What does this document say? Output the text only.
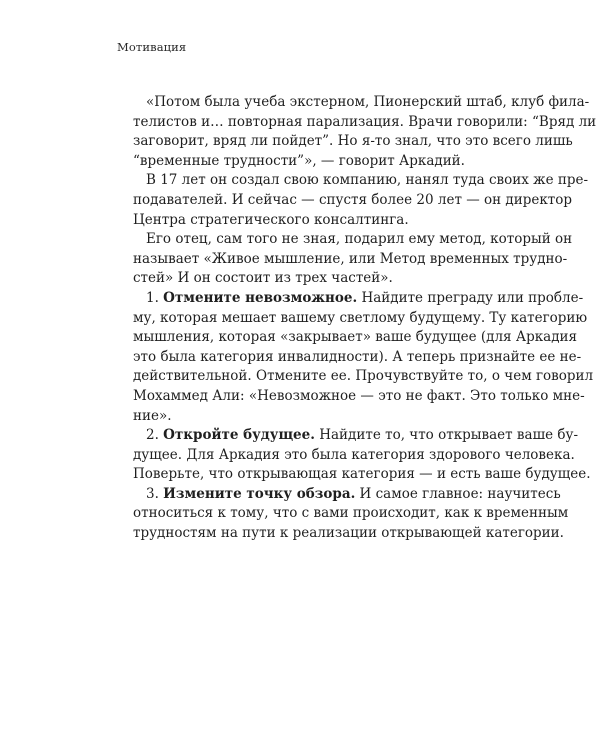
Мотивация
«Потом была учеба экстерном, Пионерский штаб, клуб фила-
телистов и… повторная парализация. Врачи говорили: “Вряд ли
заговорит, вряд ли пойдет”. Но я-то знал, что это всего лишь
“временные трудности”», — говорит Аркадий.
В 17 лет он создал свою компанию, нанял туда своих же пре-
подавателей. И сейчас — спустя более 20 лет — он директор
Центра стратегического консалтинга.
Его отец, сам того не зная, подарил ему метод, который он
называет «Живое мышление, или Метод временных трудно-
стей» И он состоит из трех частей».
1. Отмените невозможное. Найдите преграду или пробле-
му, которая мешает вашему светлому будущему. Ту категорию
мышления, которая «закрывает» ваше будущее (для Аркадия
это была категория инвалидности). А теперь признайте ее не-
действительной. Отмените ее. Прочувствуйте то, о чем говорил
Мохаммед Али: «Невозможное — это не факт. Это только мне-
ние».
2. Откройте будущее. Найдите то, что открывает ваше бу-
дущее. Для Аркадия это была категория здорового человека.
Поверьте, что открывающая категория — и есть ваше будущее.
3. Измените точку обзора. И самое главное: научитесь
относиться к тому, что с вами происходит, как к временным
трудностям на пути к реализации открывающей категории.
